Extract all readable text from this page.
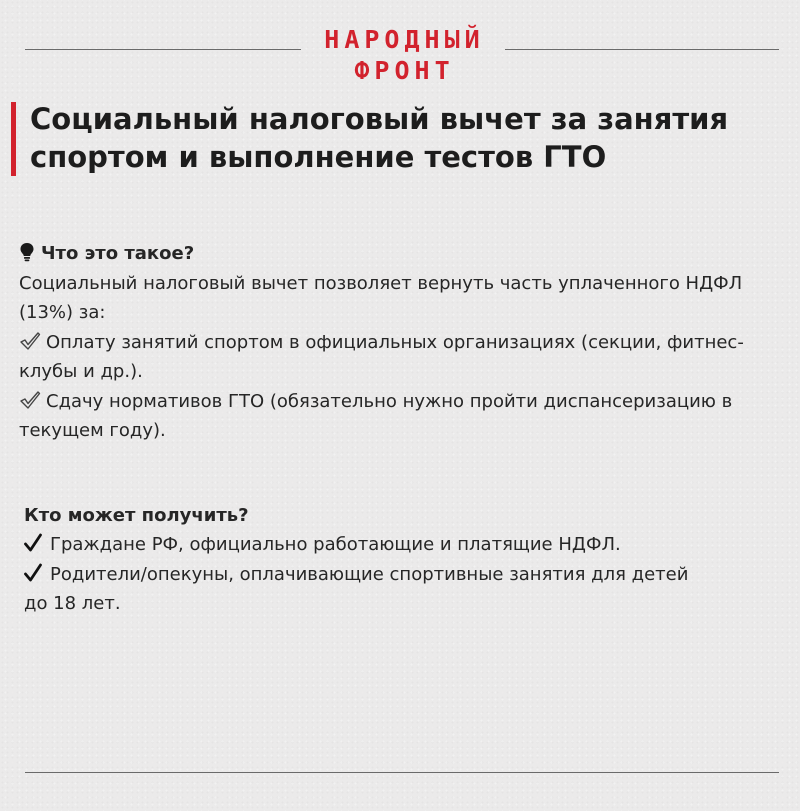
НАРОДНЫЙ
ФРОНТ
Социальный налоговый вычет за занятия
спортом и выполнение тестов ГТО

Что это такое?

Социальный налоговый вычет позволяет вернуть часть уплаченного НДФЛ

(13%) за:

Оплату занятий спортом в официальных организациях (секции, фитнес-

клубы и др.).

Сдачу нормативов ГТО (обязательно нужно пройти диспансеризацию в

текущем году).

Кто может получить?

Граждане РФ, официально работающие и платящие НДФЛ.

Родители/опекуны, оплачивающие спортивные занятия для детей

до 18 лет.
